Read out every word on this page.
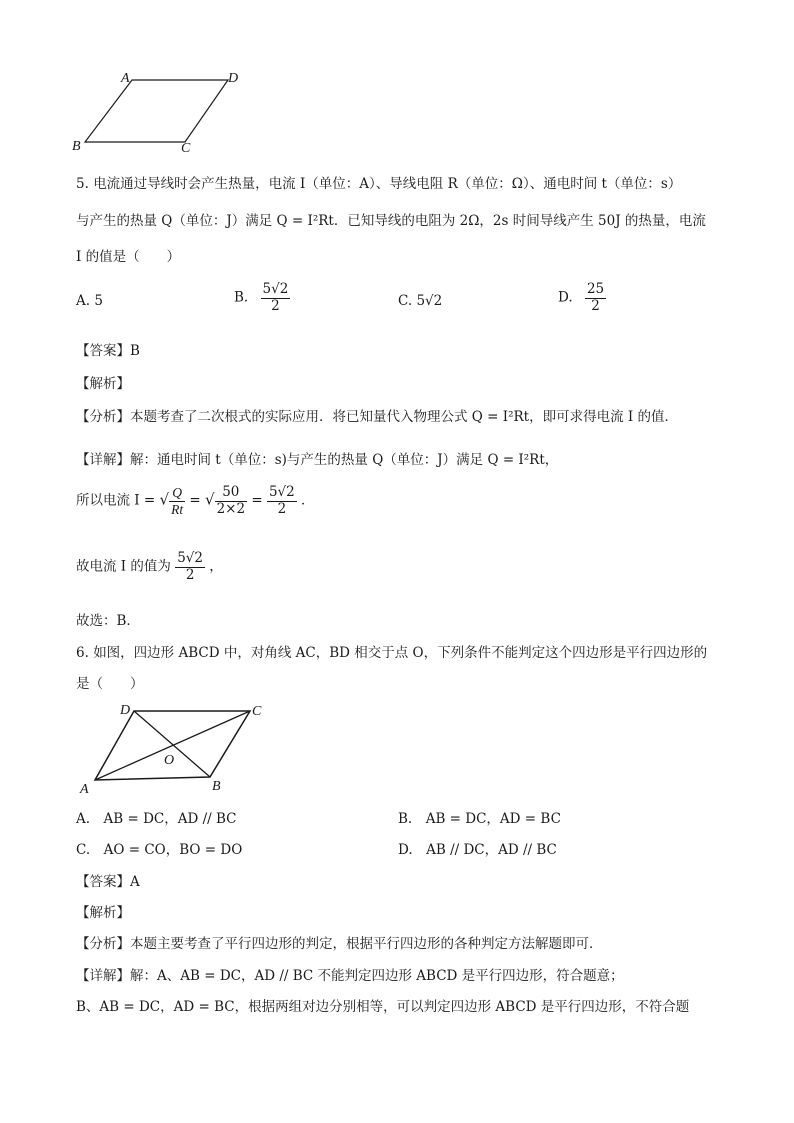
A	D
B	C
5. 电流通过导线时会产生热量，电流 I（单位：A）、导线电阻 R（单位：Ω）、通电时间 t（单位：s）
与产生的热量 Q（单位：J）满足 Q = I²Rt．已知导线的电阻为 2Ω，2s 时间导线产生 50J 的热量，电流
I 的值是（　　）
A. 5	B. $\frac{5√2}{2}$	C. 5√2	D. $\frac{25}{2}$
【答案】B
【解析】
【分析】本题考查了二次根式的实际应用．将已知量代入物理公式 Q = I²Rt，即可求得电流 I 的值．
【详解】解：通电时间 t（单位：s)与产生的热量 Q（单位：J）满足 Q = I²Rt，
所以电流 I = √ $\frac{Q}{Rt}$ = √ $\frac{50}{2\times 2} = \frac{5√2}{2}$ ．
故电流 I 的值为 $\frac{5√2}{2}$ ，
故选：B．
6. 如图，四边形 ABCD 中，对角线 AC，BD 相交于点 O，下列条件不能判定这个四边形是平行四边形的
是（　　）
D	C
O
A	B
A.　AB = DC，AD // BC	B.　AB = DC，AD = BC
C.　AO = CO，BO = DO	D.　AB // DC，AD // BC
【答案】A
【解析】
【分析】本题主要考查了平行四边形的判定，根据平行四边形的各种判定方法解题即可．
【详解】解：A、AB = DC，AD // BC 不能判定四边形 ABCD 是平行四边形，符合题意；
B、AB = DC，AD = BC，根据两组对边分别相等，可以判定四边形 ABCD 是平行四边形，不符合题
